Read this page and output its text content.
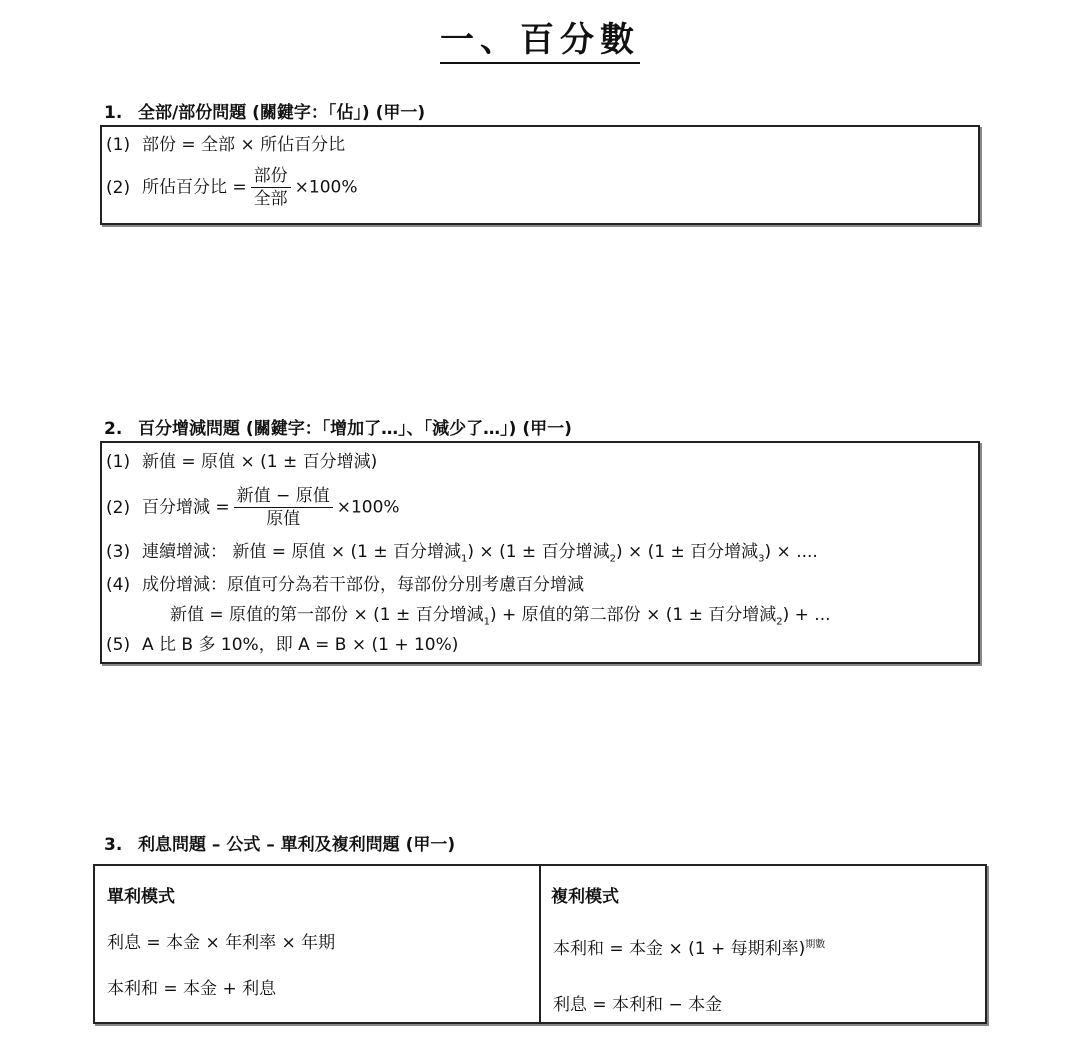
一、百分數
1. 全部/部份問題 (關鍵字：「佔」) (甲一)
(1) 部份 = 全部 × 所佔百分比
(2) 所佔百分比 = $\frac{\text{部份}}{\text{全部}} \times 100\%$
2. 百分增減問題 (關鍵字：「增加了…」、「減少了…」) (甲一)
(1) 新值 = 原值 × (1 ± 百分增減)
(2) 百分增減 = $\frac{\text{新值 − 原值}}{\text{原值}} \times 100\%$
(3) 連續增減： 新值 = 原值 × (1 ± 百分增減$_1$) × (1 ± 百分增減$_2$) × (1 ± 百分增減$_3$) × ....
(4) 成份增減：原值可分為若干部份，每部份分別考慮百分增減
新值 = 原值的第一部份 × (1 ± 百分增減$_1$) + 原值的第二部份 × (1 ± 百分增減$_2$) + ...
(5) A 比 B 多 10%，即 A = B × (1 + 10%)
3. 利息問題 – 公式 – 單利及複利問題 (甲一)
單利模式
利息 = 本金 × 年利率 × 年期
本利和 = 本金 + 利息
複利模式
本利和 = 本金 × (1 + 每期利率)$^{期數}$
利息 = 本利和 − 本金
